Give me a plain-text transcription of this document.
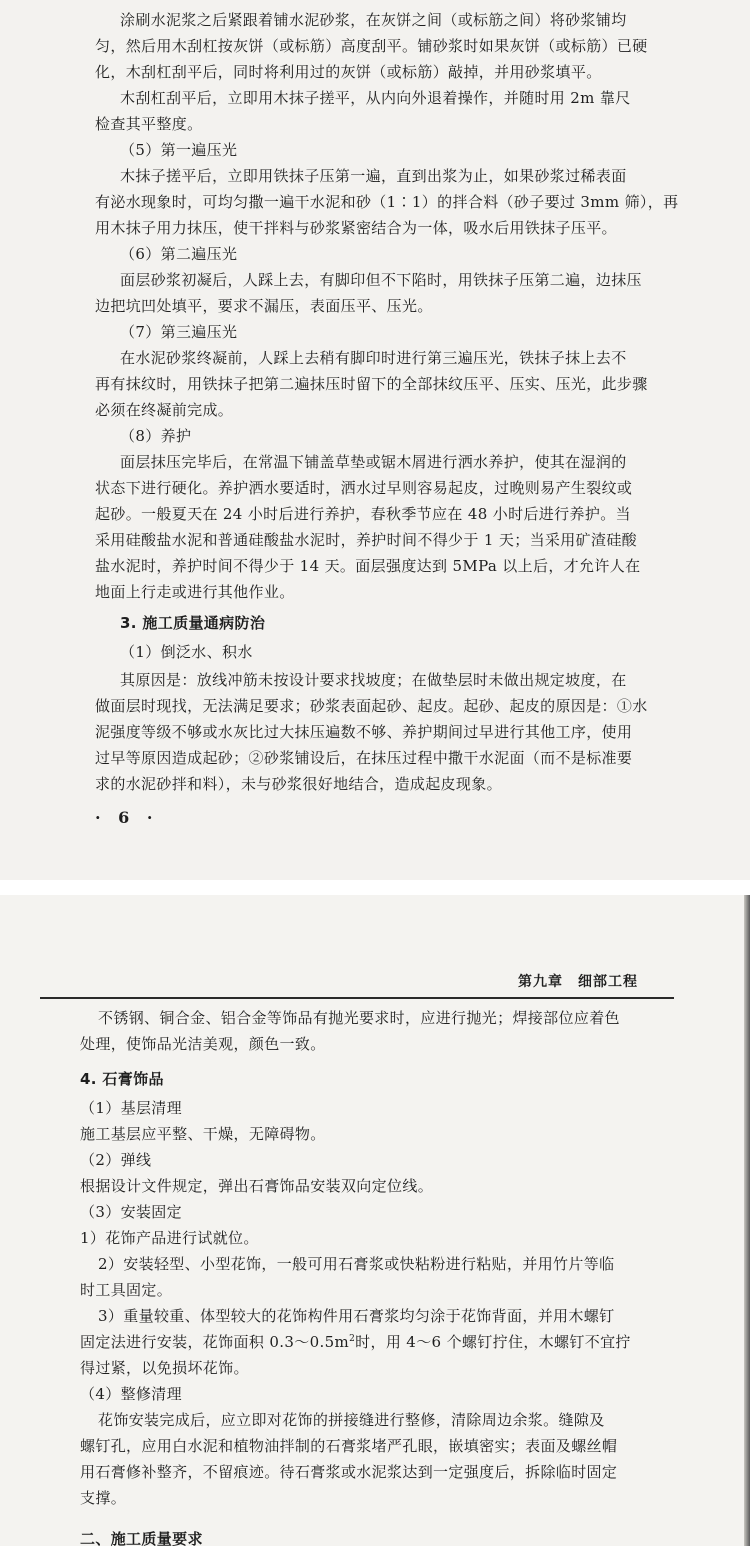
涂刷水泥浆之后紧跟着铺水泥砂浆，在灰饼之间（或标筋之间）将砂浆铺均
匀，然后用木刮杠按灰饼（或标筋）高度刮平。铺砂浆时如果灰饼（或标筋）已硬
化，木刮杠刮平后，同时将利用过的灰饼（或标筋）敲掉，并用砂浆填平。
木刮杠刮平后，立即用木抹子搓平，从内向外退着操作，并随时用 2m 靠尺
检查其平整度。
（5）第一遍压光
木抹子搓平后，立即用铁抹子压第一遍，直到出浆为止，如果砂浆过稀表面
有泌水现象时，可均匀撒一遍干水泥和砂（1∶1）的拌合料（砂子要过 3mm 筛），再
用木抹子用力抹压，使干拌料与砂浆紧密结合为一体，吸水后用铁抹子压平。
（6）第二遍压光
面层砂浆初凝后，人踩上去，有脚印但不下陷时，用铁抹子压第二遍，边抹压
边把坑凹处填平，要求不漏压，表面压平、压光。
（7）第三遍压光
在水泥砂浆终凝前，人踩上去稍有脚印时进行第三遍压光，铁抹子抹上去不
再有抹纹时，用铁抹子把第二遍抹压时留下的全部抹纹压平、压实、压光，此步骤
必须在终凝前完成。
（8）养护
面层抹压完毕后，在常温下铺盖草垫或锯木屑进行洒水养护，使其在湿润的
状态下进行硬化。养护洒水要适时，洒水过早则容易起皮，过晚则易产生裂纹或
起砂。一般夏天在 24 小时后进行养护，春秋季节应在 48 小时后进行养护。当
采用硅酸盐水泥和普通硅酸盐水泥时，养护时间不得少于 1 天；当采用矿渣硅酸
盐水泥时，养护时间不得少于 14 天。面层强度达到 5MPa 以上后，才允许人在
地面上行走或进行其他作业。
3. 施工质量通病防治
（1）倒泛水、积水
其原因是：放线冲筋未按设计要求找坡度；在做垫层时未做出规定坡度，在
做面层时现找，无法满足要求；砂浆表面起砂、起皮。起砂、起皮的原因是：①水
泥强度等级不够或水灰比过大抹压遍数不够、养护期间过早进行其他工序，使用
过早等原因造成起砂；②砂浆铺设后，在抹压过程中撒干水泥面（而不是标准要
求的水泥砂拌和料），未与砂浆很好地结合，造成起皮现象。
· 6 ·
第九章　细部工程
不锈钢、铜合金、铝合金等饰品有抛光要求时，应进行抛光；焊接部位应着色
处理，使饰品光洁美观，颜色一致。
4. 石膏饰品
（1）基层清理
施工基层应平整、干燥，无障碍物。
（2）弹线
根据设计文件规定，弹出石膏饰品安装双向定位线。
（3）安装固定
1）花饰产品进行试就位。
2）安装轻型、小型花饰，一般可用石膏浆或快粘粉进行粘贴，并用竹片等临
时工具固定。
3）重量较重、体型较大的花饰构件用石膏浆均匀涂于花饰背面，并用木螺钉
固定法进行安装，花饰面积 $0.3\sim 0.5m^2$时，用 4～6 个螺钉拧住，木螺钉不宜拧
得过紧，以免损坏花饰。
（4）整修清理
花饰安装完成后，应立即对花饰的拼接缝进行整修，清除周边余浆。缝隙及
螺钉孔，应用白水泥和植物油拌制的石膏浆堵严孔眼，嵌填密实；表面及螺丝帽
用石膏修补整齐，不留痕迹。待石膏浆或水泥浆达到一定强度后，拆除临时固定
支撑。
二、施工质量要求
